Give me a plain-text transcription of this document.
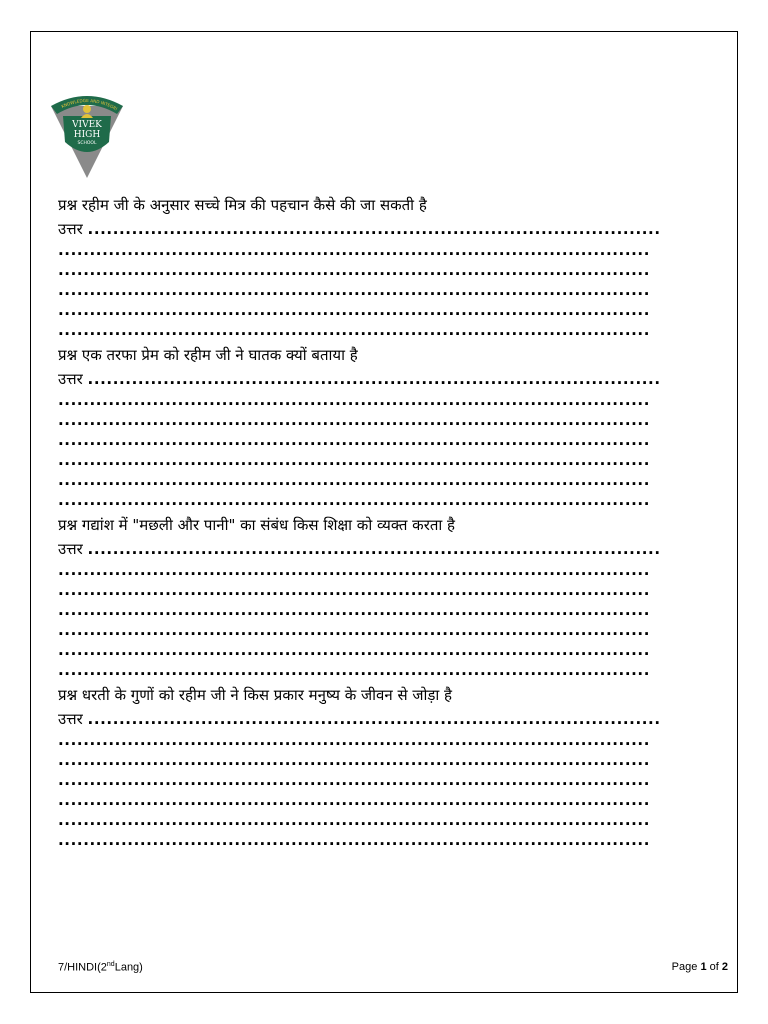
KNOWLEDGE AND INTEGRI
VIVEK
HIGH
SCHOOL
प्रश्न रहीम जी के अनुसार सच्चे मित्र की पहचान कैसे की जा सकती है
उत्तर ...........................................................................................
..............................................................................................
..............................................................................................
..............................................................................................
..............................................................................................
..............................................................................................
प्रश्न एक तरफा प्रेम को रहीम जी ने घातक क्यों बताया है
उत्तर ...........................................................................................
..............................................................................................
..............................................................................................
..............................................................................................
..............................................................................................
..............................................................................................
..............................................................................................
प्रश्न गद्यांश में "मछली और पानी" का संबंध किस शिक्षा को व्यक्त करता है
उत्तर ...........................................................................................
..............................................................................................
..............................................................................................
..............................................................................................
..............................................................................................
..............................................................................................
..............................................................................................
प्रश्न धरती के गुणों को रहीम जी ने किस प्रकार मनुष्य के जीवन से जोड़ा है
उत्तर ...........................................................................................
..............................................................................................
..............................................................................................
..............................................................................................
..............................................................................................
..............................................................................................
..............................................................................................
7/HINDI(2ndLang)	Page 1 of 2
